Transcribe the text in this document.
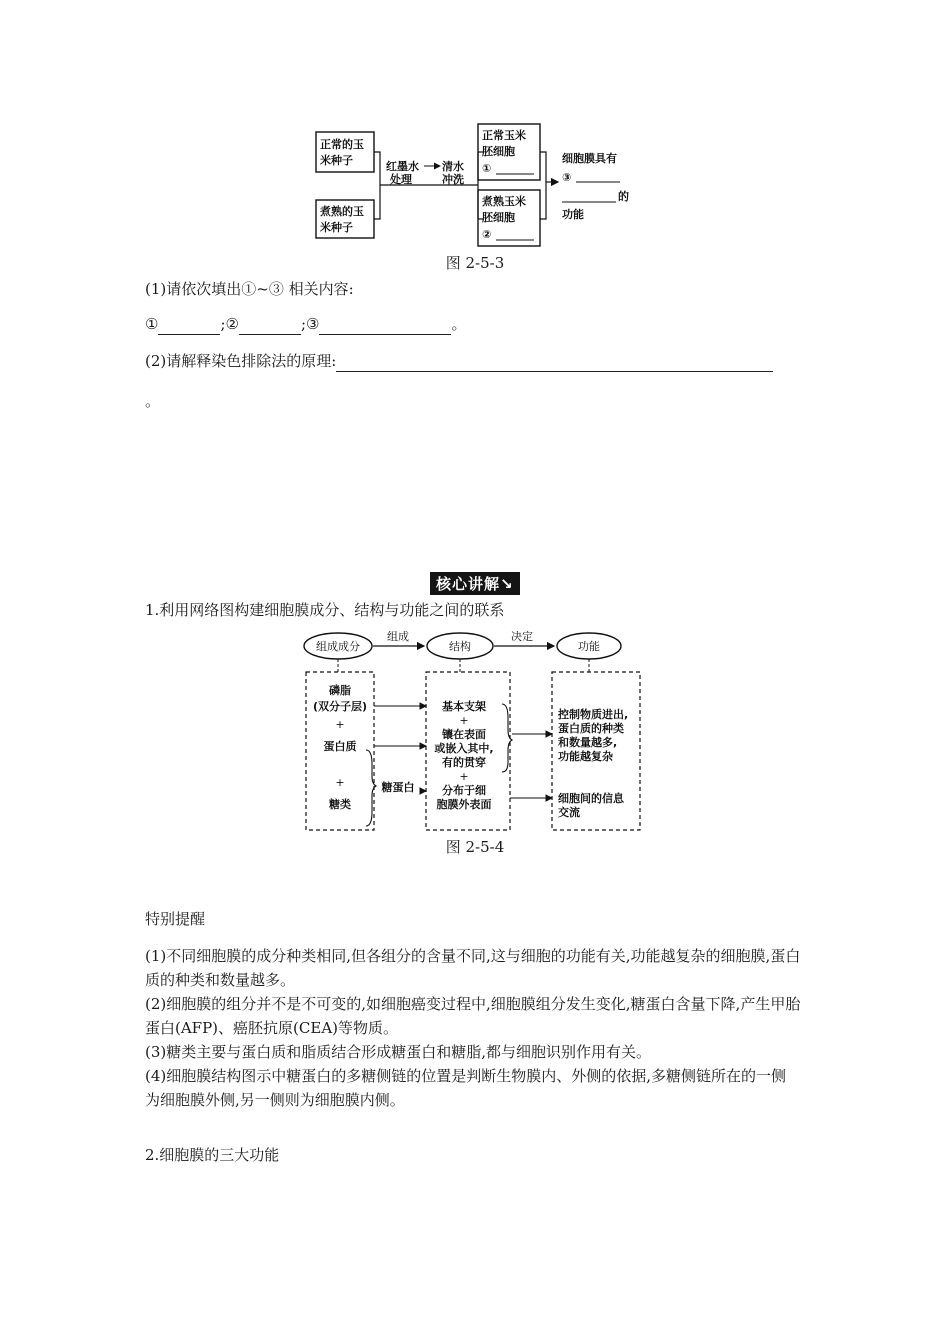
正常的玉
米种子
煮熟的玉
米种子
红墨水
处理
清水
冲洗
正常玉米
胚细胞
①
煮熟玉米
胚细胞
②
细胞膜具有
③
的
功能
图 2-5-3
(1)请依次填出①~③ 相关内容:
①	;②	;③	。
(2)请解释染色排除法的原理:
。
核心讲解↘
1.利用网络图构建细胞膜成分、结构与功能之间的联系
组成成分	结构	功能
组成	决定
磷脂
(双分子层)
+
蛋白质
+
糖类
糖蛋白
基本支架
+
镶在表面
或嵌入其中,
有的贯穿
+
分布于细
胞膜外表面
控制物质进出,
蛋白质的种类
和数量越多,
功能越复杂
细胞间的信息
交流
图 2-5-4
特别提醒
(1)不同细胞膜的成分种类相同,但各组分的含量不同,这与细胞的功能有关,功能越复杂的细胞膜,蛋白质的种类和数量越多。
(2)细胞膜的组分并不是不可变的,如细胞癌变过程中,细胞膜组分发生变化,糖蛋白含量下降,产生甲胎蛋白(AFP)、癌胚抗原(CEA)等物质。
(3)糖类主要与蛋白质和脂质结合形成糖蛋白和糖脂,都与细胞识别作用有关。
(4)细胞膜结构图示中糖蛋白的多糖侧链的位置是判断生物膜内、外侧的依据,多糖侧链所在的一侧为细胞膜外侧,另一侧则为细胞膜内侧。
2.细胞膜的三大功能
